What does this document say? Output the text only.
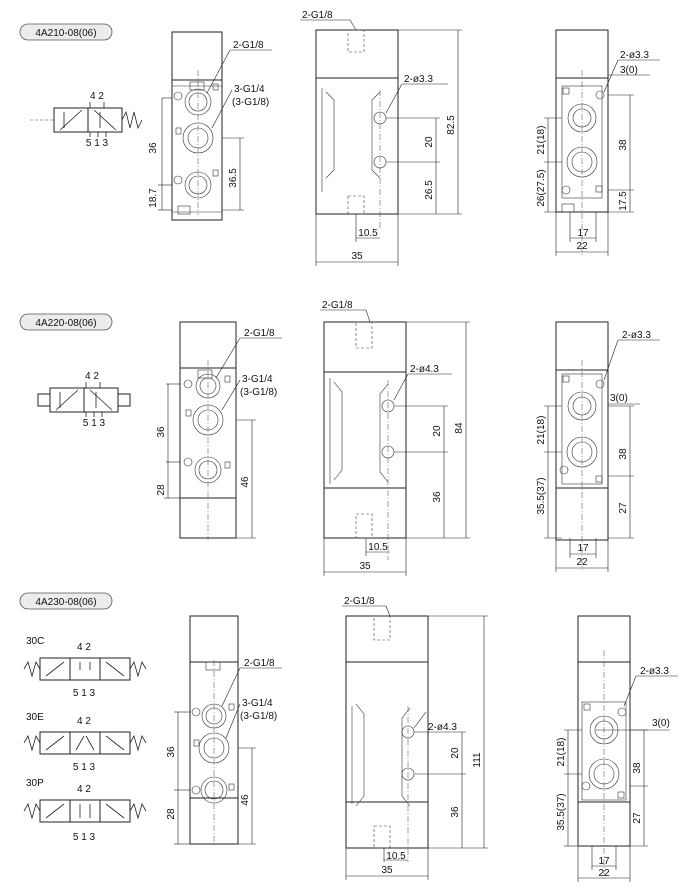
4A210-08(06)
4 2
5 1 3
2-G1/8
3-G1/4
(3-G1/8)
36
18.7
36.5
2-G1/8
2-ø3.3
20
26.5
82.5
10.5
35
2-ø3.3
3(0)
38
17.5
21(18)
26(27.5)
17
22
4A220-08(06)
4 2
5 1 3
2-G1/8
3-G1/4
(3-G1/8)
36
28
46
2-G1/8
2-ø4.3
20
36
84
10.5
35
2-ø3.3
3(0)
38
27
21(18)
35.5(37)
17
22
4A230-08(06)
30C
4 2
5 1 3
30E	4 2
5 1 3
30P
4 2
5 1 3
2-G1/8
3-G1/4
(3-G1/8)
36
28
46
2-G1/8
2-ø4.3
20
36
111
10.5
35
2-ø3.3
3(0)
38
27
21(18)
35.5(37)
17
22
